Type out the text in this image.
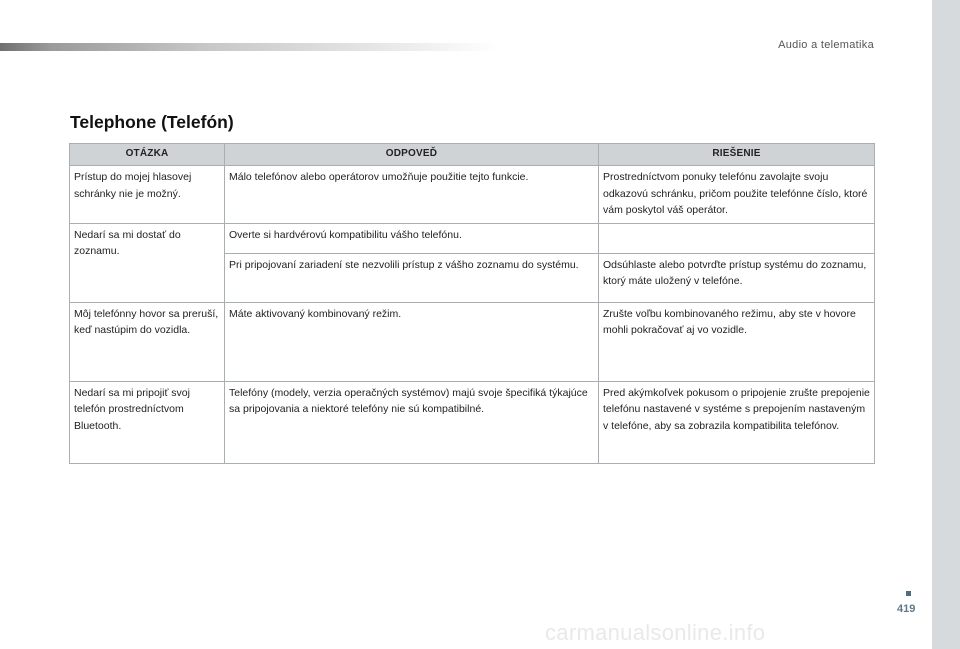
Audio a telematika
Telephone (Telefón)
OTÁZKA	ODPOVEĎ	RIEŠENIE
Prístup do mojej hlasovej schránky nie je možný.	Málo telefónov alebo operátorov umožňuje použitie tejto funkcie.	Prostredníctvom ponuky telefónu zavolajte svoju odkazovú schránku, pričom použite telefónne číslo, ktoré vám poskytol váš operátor.
Nedarí sa mi dostať do zoznamu.	Overte si hardvérovú kompatibilitu vášho telefónu.	
	Pri pripojovaní zariadení ste nezvolili prístup z vášho zoznamu do systému.	Odsúhlaste alebo potvrďte prístup systému do zoznamu, ktorý máte uložený v telefóne.
Môj telefónny hovor sa preruší, keď nastúpim do vozidla.	Máte aktivovaný kombinovaný režim.	Zrušte voľbu kombinovaného režimu, aby ste v hovore mohli pokračovať aj vo vozidle.
Nedarí sa mi pripojiť svoj telefón prostredníctvom Bluetooth.	Telefóny (modely, verzia operačných systémov) majú svoje špecifiká týkajúce sa pripojovania a niektoré telefóny nie sú kompatibilné.	Pred akýmkoľvek pokusom o pripojenie zrušte prepojenie telefónu nastavené v systéme s prepojením nastaveným v telefóne, aby sa zobrazila kompatibilita telefónov.
419
carmanualsonline.info
